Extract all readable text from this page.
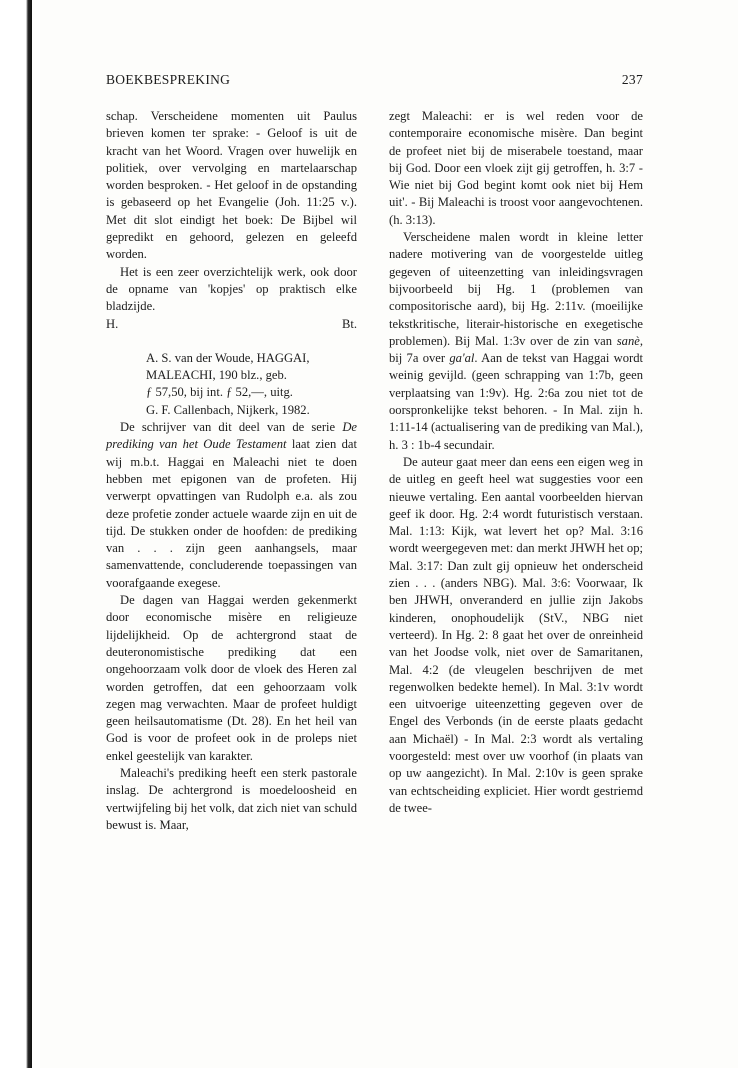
BOEKBESPREKING	237

schap. Verscheidene momenten uit Paulus brieven komen ter sprake: - Geloof is uit de kracht van het Woord. Vragen over huwelijk en politiek, over vervolging en martelaarschap worden besproken. - Het geloof in de opstanding is gebaseerd op het Evangelie (Joh. 11:25 v.). Met dit slot eindigt het boek: De Bijbel wil gepredikt en gehoord, gelezen en geleefd worden.

Het is een zeer overzichtelijk werk, ook door de opname van 'kopjes' op praktisch elke bladzijde.

H.	Bt.

A. S. van der Woude, HAGGAI,
MALEACHI, 190 blz., geb.
ƒ 57,50, bij int. ƒ 52,—, uitg.
G. F. Callenbach, Nijkerk, 1982.

De schrijver van dit deel van de serie De prediking van het Oude Testament laat zien dat wij m.b.t. Haggai en Maleachi niet te doen hebben met epigonen van de profeten. Hij verwerpt opvattingen van Rudolph e.a. als zou deze profetie zonder actuele waarde zijn en uit de tijd. De stukken onder de hoofden: de prediking van . . . zijn geen aanhangsels, maar samenvattende, concluderende toepassingen van voorafgaande exegese.

De dagen van Haggai werden gekenmerkt door economische misère en religieuze lijdelijkheid. Op de achtergrond staat de deuteronomistische prediking dat een ongehoorzaam volk door de vloek des Heren zal worden getroffen, dat een gehoorzaam volk zegen mag verwachten. Maar de profeet huldigt geen heilsautomatisme (Dt. 28). En het heil van God is voor de profeet ook in de proleps niet enkel geestelijk van karakter.

Maleachi's prediking heeft een sterk pastorale inslag. De achtergrond is moedeloosheid en vertwijfeling bij het volk, dat zich niet van schuld bewust is. Maar,

zegt Maleachi: er is wel reden voor de contemporaire economische misère. Dan begint de profeet niet bij de miserabele toestand, maar bij God. Door een vloek zijt gij getroffen, h. 3:7 - Wie niet bij God begint komt ook niet bij Hem uit'. - Bij Maleachi is troost voor aangevochtenen. (h. 3:13).

Verscheidene malen wordt in kleine letter nadere motivering van de voorgestelde uitleg gegeven of uiteenzetting van inleidingsvragen bijvoorbeeld bij Hg. 1 (problemen van compositorische aard), bij Hg. 2:11v. (moeilijke tekstkritische, literair-historische en exegetische problemen). Bij Mal. 1:3v over de zin van sanè, bij 7a over ga'al. Aan de tekst van Haggai wordt weinig gevijld. (geen schrapping van 1:7b, geen verplaatsing van 1:9v). Hg. 2:6a zou niet tot de oorspronkelijke tekst behoren. - In Mal. zijn h. 1:11-14 (actualisering van de prediking van Mal.), h. 3 : 1b-4 secundair.

De auteur gaat meer dan eens een eigen weg in de uitleg en geeft heel wat suggesties voor een nieuwe vertaling. Een aantal voorbeelden hiervan geef ik door. Hg. 2:4 wordt futuristisch verstaan. Mal. 1:13: Kijk, wat levert het op? Mal. 3:16 wordt weergegeven met: dan merkt JHWH het op; Mal. 3:17: Dan zult gij opnieuw het onderscheid zien . . . (anders NBG). Mal. 3:6: Voorwaar, Ik ben JHWH, onveranderd en jullie zijn Jakobs kinderen, onophoudelijk (StV., NBG niet verteerd). In Hg. 2: 8 gaat het over de onreinheid van het Joodse volk, niet over de Samaritanen, Mal. 4:2 (de vleugelen beschrijven de met regenwolken bedekte hemel). In Mal. 3:1v wordt een uitvoerige uiteenzetting gegeven over de Engel des Verbonds (in de eerste plaats gedacht aan Michaël) - In Mal. 2:3 wordt als vertaling voorgesteld: mest over uw voorhof (in plaats van op uw aangezicht). In Mal. 2:10v is geen sprake van echtscheiding expliciet. Hier wordt gestriemd de twee-
